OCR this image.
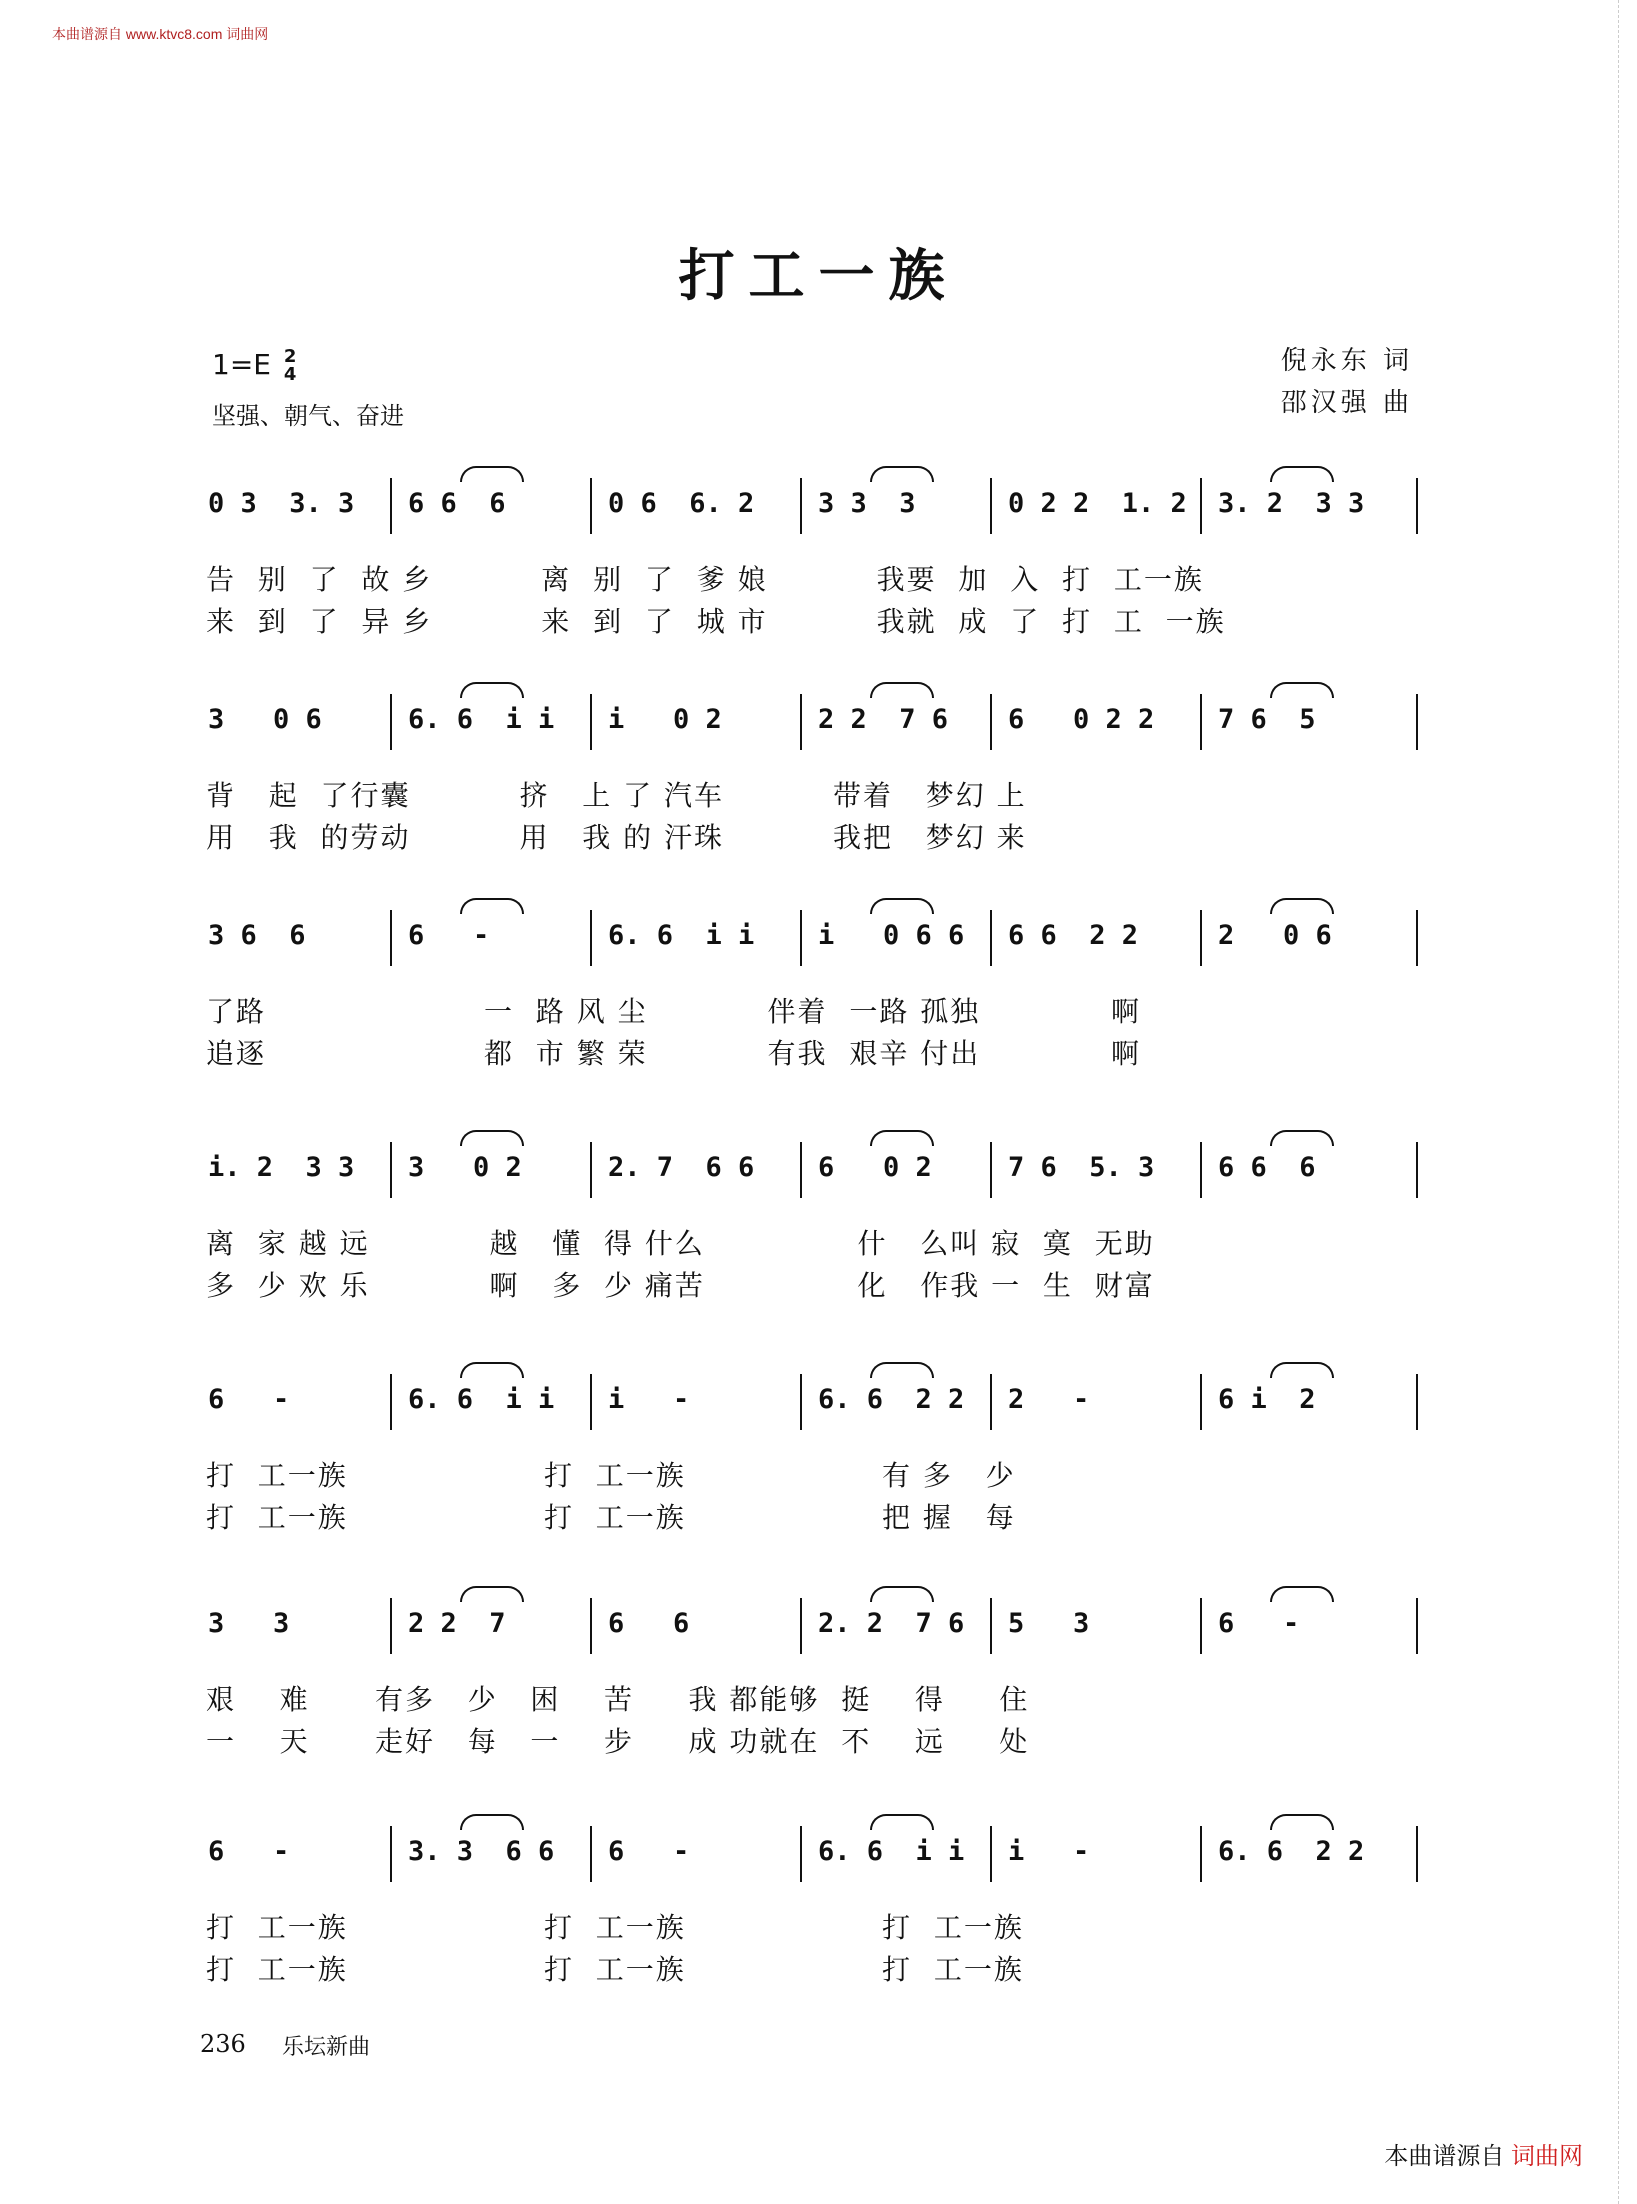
本曲谱源自 www.ktvc8.com 词曲网
打工一族
1=E 2
4
坚强、朝气、奋进
倪永东 词
邵汉强 曲
0 3  3. 3 6 6  6	0 6  6. 2 3 3  3	0 2 2  1. 2 3. 2  3 3
告  别  了  故 乡          离  别  了  爹 娘          我要  加  入  打  工一族
来  到  了  异 乡          来  到  了  城 市          我就  成  了  打  工  一族
3   0 6	6. 6  i i i   0 2	2 2  7 6 6   0 2 2 7 6  5
背   起  了行囊          挤   上 了 汽车          带着   梦幻 上
用   我  的劳动          用   我 的 汗珠          我把   梦幻 来
3 6  6	6   -	6. 6  i i i   0 6 6 6 6  2 2	2   0 6
了路                    一  路 风 尘           伴着  一路 孤独            啊
追逐                    都  市 繁 荣           有我  艰辛 付出            啊
i. 2  3 3 3   0 2	2. 7  6 6 6   0 2	7 6  5. 3 6 6  6
离  家 越 远           越   懂  得 什么              什   么叫 寂  寞  无助
多  少 欢 乐           啊   多  少 痛苦              化   作我 一  生  财富
6   -	6. 6  i i i   -	6. 6  2 2 2   -	6 i  2
打  工一族                  打  工一族                  有 多   少
打  工一族                  打  工一族                  把 握   每
3   3	2 2  7	6   6	2. 2  7 6 5   3	6   -
艰    难      有多   少   困    苦     我 都能够  挺    得     住
一    天      走好   每   一    步     成 功就在  不    远     处
6   -	3. 3  6 6 6   -	6. 6  i i i   -	6. 6  2 2
打  工一族                  打  工一族                  打  工一族
打  工一族                  打  工一族                  打  工一族
236 乐坛新曲
本曲谱源自 词曲网
